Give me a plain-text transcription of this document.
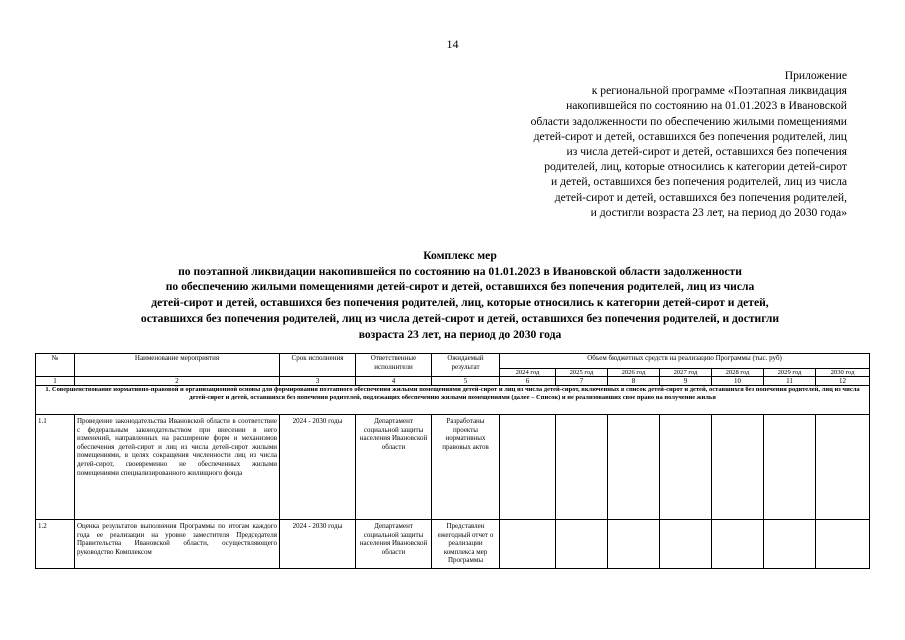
14
Приложение
к региональной программе «Поэтапная ликвидация
накопившейся по состоянию на 01.01.2023 в Ивановской
области задолженности по обеспечению жилыми помещениями
детей-сирот и детей, оставшихся без попечения родителей, лиц
из числа детей-сирот и детей, оставшихся без попечения
родителей, лиц, которые относились к категории детей-сирот
и детей, оставшихся без попечения родителей, лиц из числа
детей-сирот и детей, оставшихся без попечения родителей,
и достигли возраста 23 лет, на период до 2030 года»
Комплекс мер
по поэтапной ликвидации накопившейся по состоянию на 01.01.2023 в Ивановской области задолженности
по обеспечению жилыми помещениями детей-сирот и детей, оставшихся без попечения родителей, лиц из числа
детей-сирот и детей, оставшихся без попечения родителей, лиц, которые относились к категории детей-сирот и детей,
оставшихся без попечения родителей, лиц из числа детей-сирот и детей, оставшихся без попечения родителей, и достигли
возраста 23 лет, на период до 2030 года
№	Наименование мероприятия	Срок исполнения	Ответственные исполнители	Ожидаемый результат	Объем бюджетных средств на реализацию Программы (тыс. руб)						
					2024 год	2025 год	2026 год	2027 год	2028 год	2029 год	2030 год
1	2	3	4	5	6	7	8	9	10	11	12
1. Совершенствование нормативно-правовой и организационной основы для формирования поэтапного обеспечения жилыми помещениями детей-сирот и лиц из числа детей-сирот, включенных в список детей-сирот и детей, оставшихся без попечения родителей, лиц из числа детей-сирот и детей, оставшихся без попечения родителей, подлежащих обеспечению жилыми помещениями (далее – Список) и не реализовавших свое право на получение жилья											
1.1	Проведение законодательства Ивановской области в соответствие с федеральным законодательством при внесении в него изменений, направленных на расширение форм и механизмов обеспечения детей-сирот и лиц из числа детей-сирот жилыми помещениями, в целях сокращения численности лиц из числа детей-сирот, своевременно не обеспеченных жилыми помещениями специализированного жилищного фонда	2024 - 2030 годы	Департамент социальной защиты населения Ивановской области	Разработаны проекты нормативных правовых актов							
1.2	Оценка результатов выполнения Программы по итогам каждого года ее реализации на уровне заместителя Председателя Правительства Ивановской области, осуществляющего руководство Комплексом	2024 - 2030 годы	Департамент социальной защиты населения Ивановской области	Представлен ежегодный отчет о реализации комплекса мер Программы							
